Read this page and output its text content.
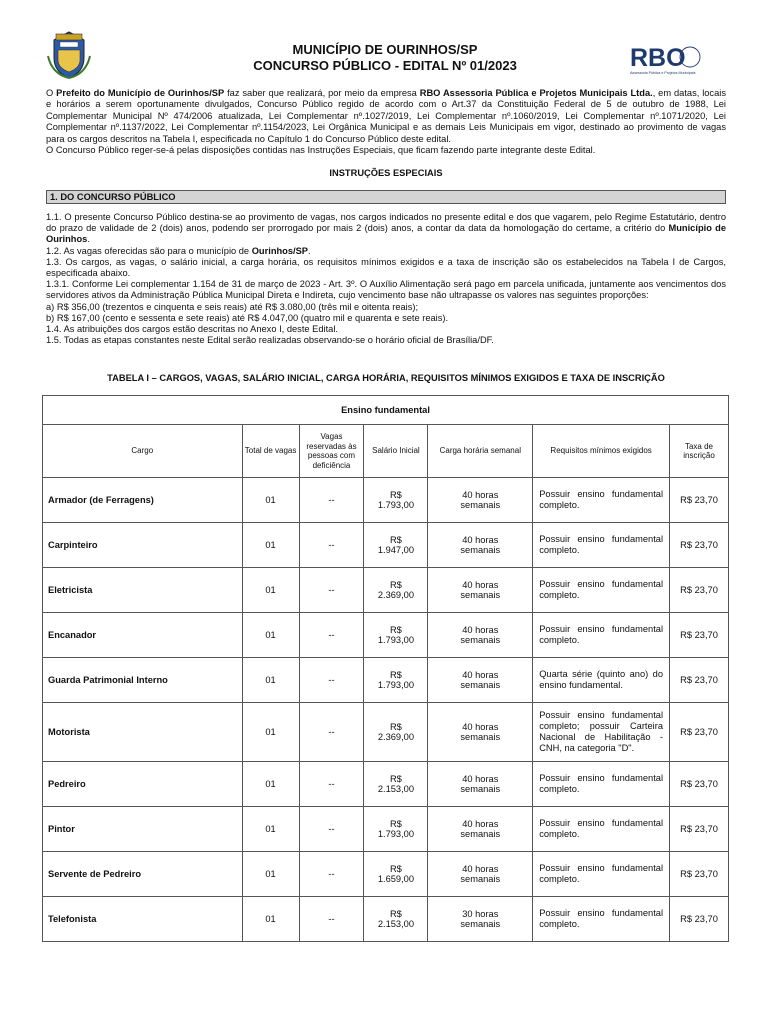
MUNICÍPIO DE OURINHOS/SP
CONCURSO PÚBLICO - EDITAL Nº 01/2023	RBO
Assessoria Pública e Projetos Municipais

O Prefeito do Município de Ourinhos/SP faz saber que realizará, por meio da empresa RBO Assessoria Pública e Projetos Municipais Ltda., em datas, locais e horários a serem oportunamente divulgados, Concurso Público regido de acordo com o Art.37 da Constituição Federal de 5 de outubro de 1988, Lei Complementar Municipal Nº 474/2006 atualizada, Lei Complementar nº.1027/2019, Lei Complementar nº.1060/2019, Lei Complementar nº.1071/2020, Lei Complementar nº.1137/2022, Lei Complementar nº.1154/2023, Lei Orgânica Municipal e as demais Leis Municipais em vigor, destinado ao provimento de vagas para os cargos descritos na Tabela I, especificada no Capítulo 1 do Concurso Público deste edital.

O Concurso Público reger-se-á pelas disposições contidas nas Instruções Especiais, que ficam fazendo parte integrante deste Edital.

INSTRUÇÕES ESPECIAIS
1. DO CONCURSO PÚBLICO

1.1. O presente Concurso Público destina-se ao provimento de vagas, nos cargos indicados no presente edital e dos que vagarem, pelo Regime Estatutário, dentro do prazo de validade de 2 (dois) anos, podendo ser prorrogado por mais 2 (dois) anos, a contar da data da homologação do certame, a critério do Município de Ourinhos.

1.2. As vagas oferecidas são para o município de Ourinhos/SP.

1.3. Os cargos, as vagas, o salário inicial, a carga horária, os requisitos mínimos exigidos e a taxa de inscrição são os estabelecidos na Tabela I de Cargos, especificada abaixo.

1.3.1. Conforme Lei complementar 1.154 de 31 de março de 2023 - Art. 3º. O Auxílio Alimentação será pago em parcela unificada, juntamente aos vencimentos dos servidores ativos da Administração Pública Municipal Direta e Indireta, cujo vencimento base não ultrapasse os valores nas seguintes proporções:

a) R$ 356,00 (trezentos e cinquenta e seis reais) até R$ 3.080,00 (três mil e oitenta reais);

b) R$ 167,00 (cento e sessenta e sete reais) até R$ 4.047,00 (quatro mil e quarenta e sete reais).

1.4. As atribuições dos cargos estão descritas no Anexo I, deste Edital.

1.5. Todas as etapas constantes neste Edital serão realizadas observando-se o horário oficial de Brasília/DF.

TABELA I – CARGOS, VAGAS, SALÁRIO INICIAL, CARGA HORÁRIA, REQUISITOS MÍNIMOS EXIGIDOS E TAXA DE INSCRIÇÃO
Ensino fundamental						
Cargo	Total de vagas	Vagas reservadas às pessoas com deficiência	Salário Inicial	Carga horária semanal	Requisitos mínimos exigidos	Taxa de inscrição
Armador (de Ferragens)	01	--	R$
1.793,00	40 horas
semanais	Possuir ensino fundamental completo.	R$ 23,70
Carpinteiro	01	--	R$
1.947,00	40 horas
semanais	Possuir ensino fundamental completo.	R$ 23,70
Eletricista	01	--	R$
2.369,00	40 horas
semanais	Possuir ensino fundamental completo.	R$ 23,70
Encanador	01	--	R$
1.793,00	40 horas
semanais	Possuir ensino fundamental completo.	R$ 23,70
Guarda Patrimonial Interno	01	--	R$
1.793,00	40 horas
semanais	Quarta série (quinto ano) do ensino fundamental.	R$ 23,70
Motorista	01	--	R$
2.369,00	40 horas
semanais	Possuir ensino fundamental completo; possuir Carteira Nacional de Habilitação - CNH, na categoria "D".	R$ 23,70
Pedreiro	01	--	R$
2.153,00	40 horas
semanais	Possuir ensino fundamental completo.	R$ 23,70
Pintor	01	--	R$
1.793,00	40 horas
semanais	Possuir ensino fundamental completo.	R$ 23,70
Servente de Pedreiro	01	--	R$
1.659,00	40 horas
semanais	Possuir ensino fundamental completo.	R$ 23,70
Telefonista	01	--	R$
2.153,00	30 horas
semanais	Possuir ensino fundamental completo.	R$ 23,70
